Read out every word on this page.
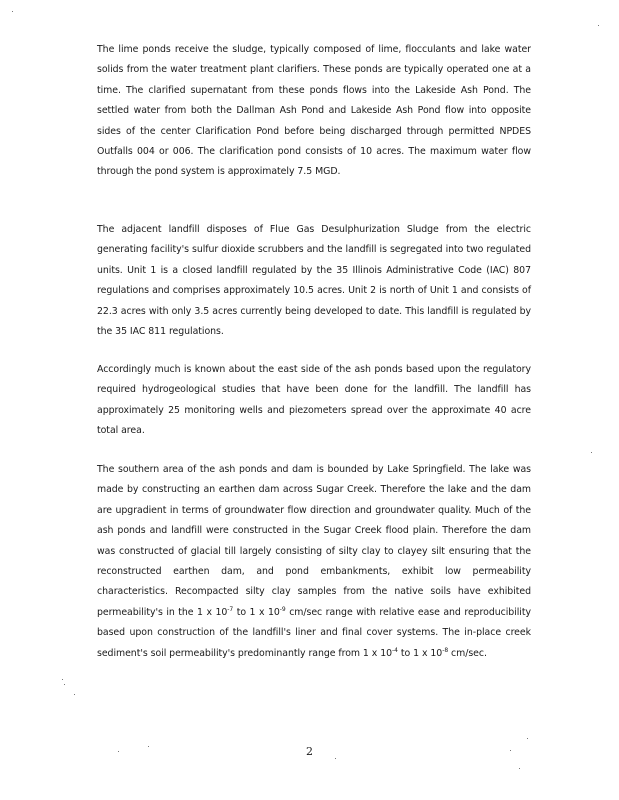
The lime ponds receive the sludge, typically composed of lime, flocculants and lake water solids from the water treatment plant clarifiers. These ponds are typically operated one at a time. The clarified supernatant from these ponds flows into the Lakeside Ash Pond. The settled water from both the Dallman Ash Pond and Lakeside Ash Pond flow into opposite sides of the center Clarification Pond before being discharged through permitted NPDES Outfalls 004 or 006. The clarification pond consists of 10 acres. The maximum water flow through the pond system is approximately 7.5 MGD.

The adjacent landfill disposes of Flue Gas Desulphurization Sludge from the electric generating facility's sulfur dioxide scrubbers and the landfill is segregated into two regulated units. Unit 1 is a closed landfill regulated by the 35 Illinois Administrative Code (IAC) 807 regulations and comprises approximately 10.5 acres. Unit 2 is north of Unit 1 and consists of 22.3 acres with only 3.5 acres currently being developed to date. This landfill is regulated by the 35 IAC 811 regulations.

Accordingly much is known about the east side of the ash ponds based upon the regulatory required hydrogeological studies that have been done for the landfill. The landfill has approximately 25 monitoring wells and piezometers spread over the approximate 40 acre total area.

The southern area of the ash ponds and dam is bounded by Lake Springfield. The lake was made by constructing an earthen dam across Sugar Creek. Therefore the lake and the dam are upgradient in terms of groundwater flow direction and groundwater quality. Much of the ash ponds and landfill were constructed in the Sugar Creek flood plain. Therefore the dam was constructed of glacial till largely consisting of silty clay to clayey silt ensuring that the reconstructed earthen dam, and pond embankments, exhibit low permeability characteristics. Recompacted silty clay samples from the native soils have exhibited permeability's in the 1 x $10^{-7}$ to 1 x $10^{-9}$ cm/sec range with relative ease and reproducibility based upon construction of the landfill's liner and final cover systems. The in-place creek sediment's soil permeability's predominantly range from 1 x $10^{-4}$ to 1 x $10^{-8}$ cm/sec.

2
